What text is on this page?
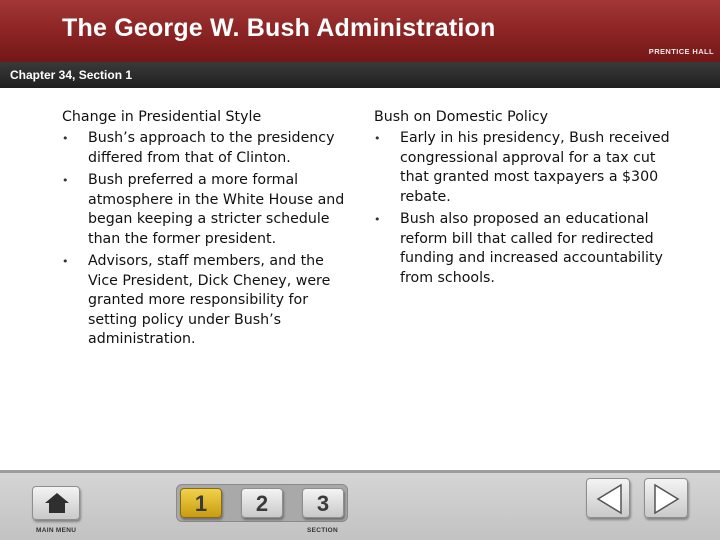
The George W. Bush Administration
PRENTICE HALL
Chapter 34, Section 1
Change in Presidential Style
• Bush’s approach to the presidency differed from that of Clinton.
• Bush preferred a more formal atmosphere in the White House and began keeping a stricter schedule than the former president.
• Advisors, staff members, and the Vice President, Dick Cheney, were granted more responsibility for setting policy under Bush’s administration.
Bush on Domestic Policy
• Early in his presidency, Bush received congressional approval for a tax cut that granted most taxpayers a $300 rebate.
• Bush also proposed an educational reform bill that called for redirected funding and increased accountability from schools.
MAIN MENU
1	2	3
SECTION
